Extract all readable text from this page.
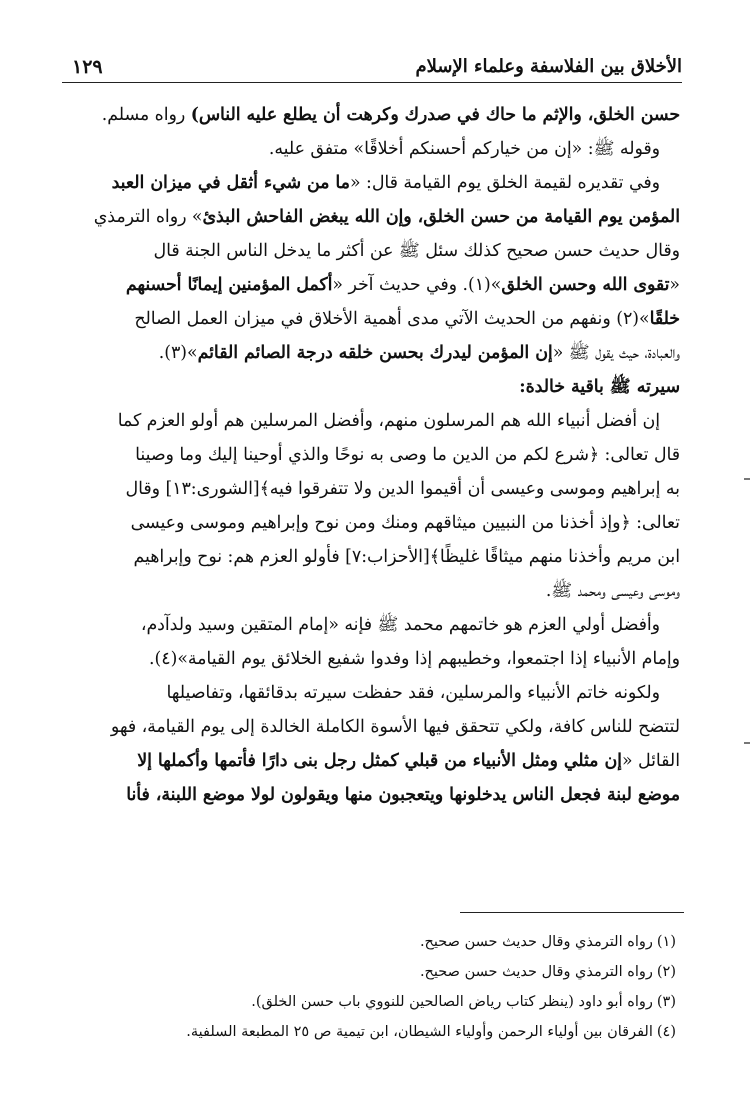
الأخلاق بين الفلاسفة وعلماء الإسلام
١٢٩
حسن الخلق، والإثم ما حاك في صدرك وكرهت أن يطلع عليه الناس) رواه مسلم.
وقوله ﷺ: «إن من خياركم أحسنكم أخلاقًا» متفق عليه.
وفي تقديره لقيمة الخلق يوم القيامة قال: «ما من شيء أثقل في ميزان العبد
المؤمن يوم القيامة من حسن الخلق، وإن الله يبغض الفاحش البذئ» رواه الترمذي
وقال حديث حسن صحيح كذلك سئل ﷺ عن أكثر ما يدخل الناس الجنة قال
«تقوى الله وحسن الخلق»(١). وفي حديث آخر «أكمل المؤمنين إيمانًا أحسنهم
خلقًا»(٢) ونفهم من الحديث الآتي مدى أهمية الأخلاق في ميزان العمل الصالح
والعبادة، حيث يقول ﷺ «إن المؤمن ليدرك بحسن خلقه درجة الصائم القائم»(٣).
سيرته ﷺ باقية خالدة:
إن أفضل أنبياء الله هم المرسلون منهم، وأفضل المرسلين هم أولو العزم كما
قال تعالى: ﴿شرع لكم من الدين ما وصى به نوحًا والذي أوحينا إليك وما وصينا
به إبراهيم وموسى وعيسى أن أقيموا الدين ولا تتفرقوا فيه﴾[الشورى:١٣] وقال
تعالى: ﴿وإذ أخذنا من النبيين ميثاقهم ومنك ومن نوح وإبراهيم وموسى وعيسى
ابن مريم وأخذنا منهم ميثاقًا غليظًا﴾[الأحزاب:٧] فأولو العزم هم: نوح وإبراهيم
وموسى وعيسى ومحمد ﷺ.
وأفضل أولي العزم هو خاتمهم محمد ﷺ فإنه «إمام المتقين وسيد ولدآدم،
وإمام الأنبياء إذا اجتمعوا، وخطيبهم إذا وفدوا شفيع الخلائق يوم القيامة»(٤).
ولكونه خاتم الأنبياء والمرسلين، فقد حفظت سيرته بدقائقها، وتفاصيلها
لتتضح للناس كافة، ولكي تتحقق فيها الأسوة الكاملة الخالدة إلى يوم القيامة، فهو
القائل «إن مثلي ومثل الأنبياء من قبلي كمثل رجل بنى دارًا فأتمها وأكملها إلا
موضع لبنة فجعل الناس يدخلونها ويتعجبون منها ويقولون لولا موضع اللبنة، فأنا
(١)رواه الترمذي وقال حديث حسن صحيح.
(٢)رواه الترمذي وقال حديث حسن صحيح.
(٣)رواه أبو داود (ينظر كتاب رياض الصالحين للنووي باب حسن الخلق).
(٤)الفرقان بين أولياء الرحمن وأولياء الشيطان، ابن تيمية ص ٢٥ المطبعة السلفية.
